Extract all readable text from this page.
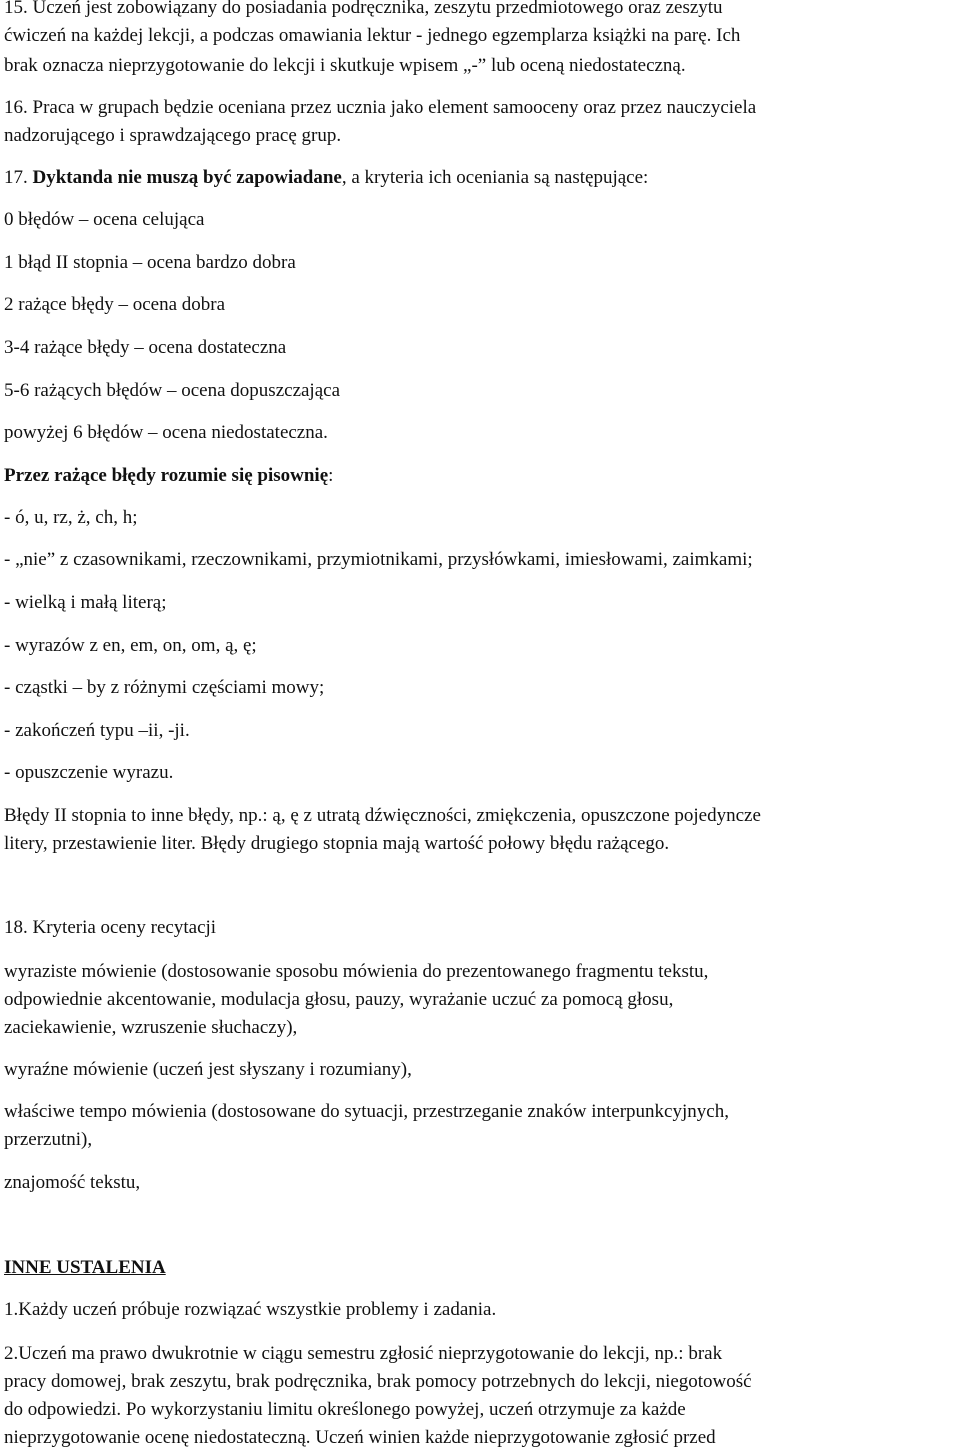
15. Uczeń jest zobowiązany do posiadania podręcznika, zeszytu przedmiotowego oraz zeszytu
ćwiczeń na każdej lekcji, a podczas omawiania lektur - jednego egzemplarza książki na parę. Ich
brak oznacza nieprzygotowanie do lekcji i skutkuje wpisem „-” lub oceną niedostateczną.
16. Praca w grupach będzie oceniana przez ucznia jako element samooceny oraz przez nauczyciela
nadzorującego i sprawdzającego pracę grup.
17. Dyktanda nie muszą być zapowiadane, a kryteria ich oceniania są następujące:
0 błędów – ocena celująca
1 błąd II stopnia – ocena bardzo dobra
2 rażące błędy – ocena dobra
3-4 rażące błędy – ocena dostateczna
5-6 rażących błędów – ocena dopuszczająca
powyżej 6 błędów – ocena niedostateczna.
Przez rażące błędy rozumie się pisownię:
- ó, u, rz, ż, ch, h;
- „nie” z czasownikami, rzeczownikami, przymiotnikami, przysłówkami, imiesłowami, zaimkami;
- wielką i małą literą;
- wyrazów z en, em, on, om, ą, ę;
- cząstki – by z różnymi częściami mowy;
- zakończeń typu –ii, -ji.
- opuszczenie wyrazu.
Błędy II stopnia to inne błędy, np.: ą, ę z utratą dźwięczności, zmiękczenia, opuszczone pojedyncze
litery, przestawienie liter. Błędy drugiego stopnia mają wartość połowy błędu rażącego.
18. Kryteria oceny recytacji
wyraziste mówienie (dostosowanie sposobu mówienia do prezentowanego fragmentu tekstu,
odpowiednie akcentowanie, modulacja głosu, pauzy, wyrażanie uczuć za pomocą głosu,
zaciekawienie, wzruszenie słuchaczy),
wyraźne mówienie (uczeń jest słyszany i rozumiany),
właściwe tempo mówienia (dostosowane do sytuacji, przestrzeganie znaków interpunkcyjnych,
przerzutni),
znajomość tekstu,
INNE USTALENIA
1.Każdy uczeń próbuje rozwiązać wszystkie problemy i zadania.
2.Uczeń ma prawo dwukrotnie w ciągu semestru zgłosić nieprzygotowanie do lekcji, np.: brak
pracy domowej, brak zeszytu, brak podręcznika, brak pomocy potrzebnych do lekcji, niegotowość
do odpowiedzi. Po wykorzystaniu limitu określonego powyżej, uczeń otrzymuje za każde
nieprzygotowanie ocenę niedostateczną. Uczeń winien każde nieprzygotowanie zgłosić przed
